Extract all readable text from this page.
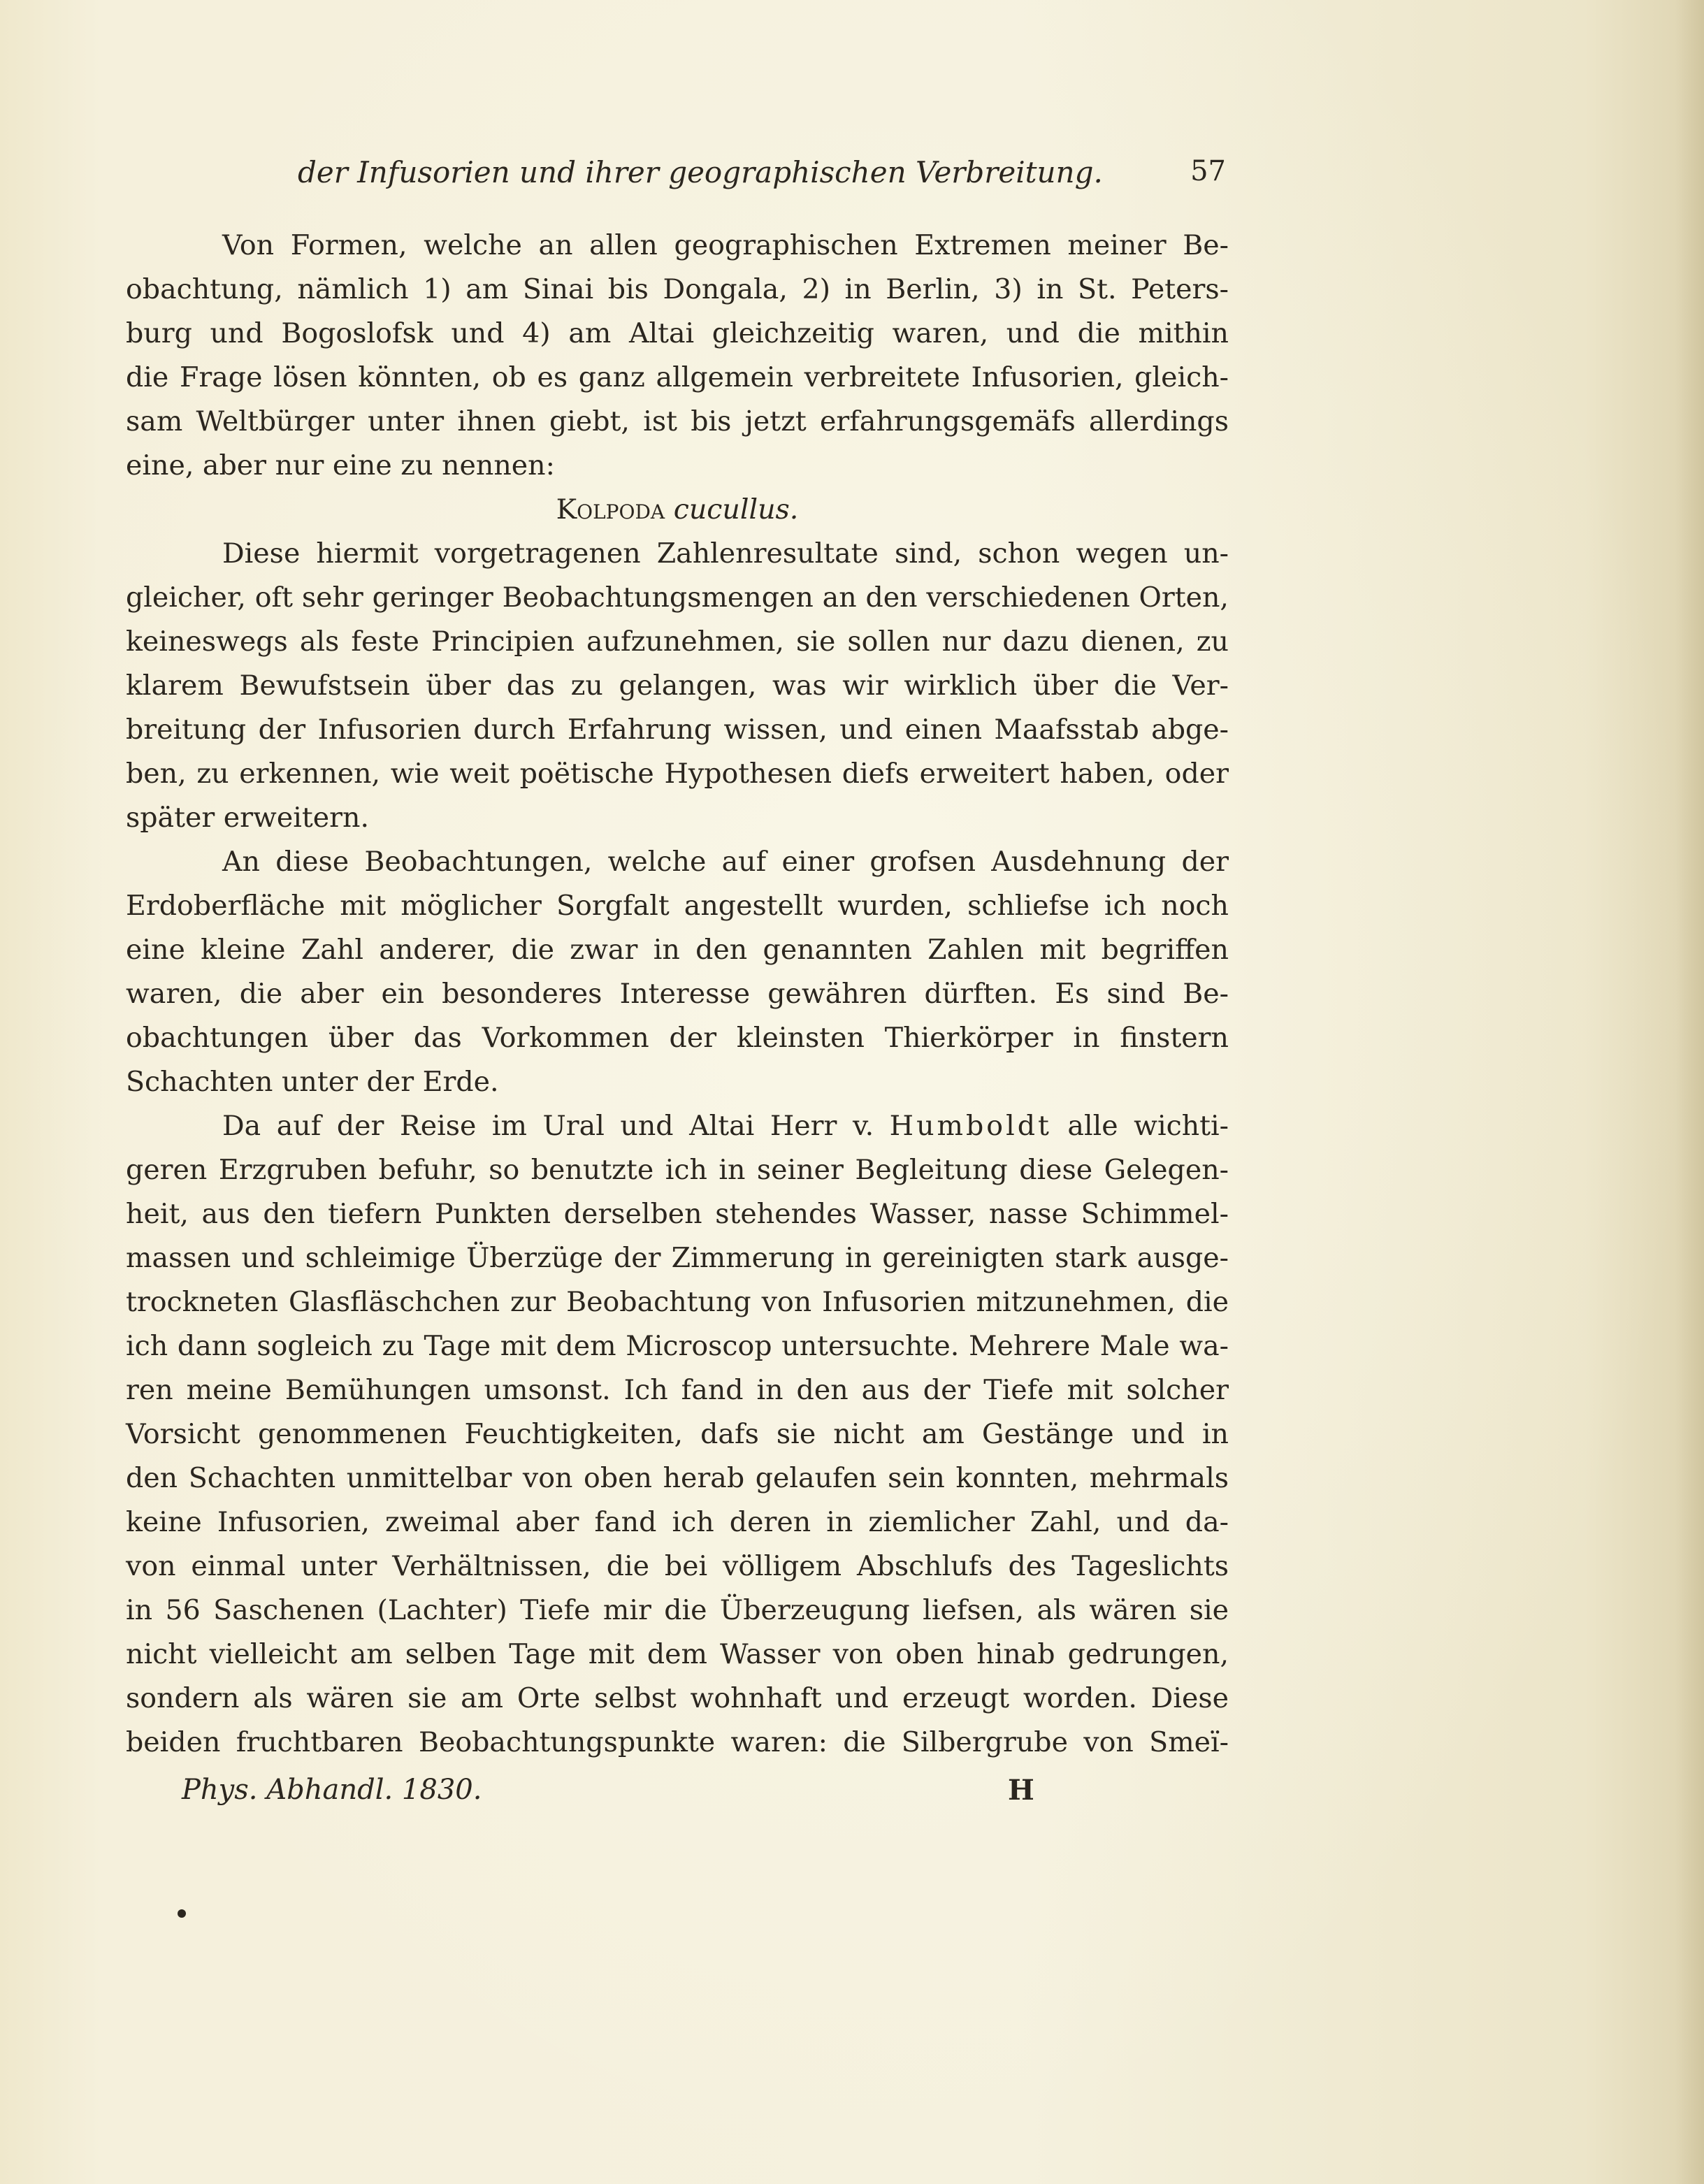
der Infusorien und ihrer geographischen Verbreitung.	57
Von Formen, welche an allen geographischen Extremen meiner Be-
obachtung, nämlich 1) am Sinai bis Dongala, 2) in Berlin, 3) in St. Peters-
burg und Bogoslofsk und 4) am Altai gleichzeitig waren, und die mithin
die Frage lösen könnten, ob es ganz allgemein verbreitete Infusorien, gleich-
sam Weltbürger unter ihnen giebt, ist bis jetzt erfahrungsgemäfs allerdings
eine, aber nur eine zu nennen:
Kolpoda cucullus.
Diese hiermit vorgetragenen Zahlenresultate sind, schon wegen un-
gleicher, oft sehr geringer Beobachtungsmengen an den verschiedenen Orten,
keineswegs als feste Principien aufzunehmen, sie sollen nur dazu dienen, zu
klarem Bewufstsein über das zu gelangen, was wir wirklich über die Ver-
breitung der Infusorien durch Erfahrung wissen, und einen Maafsstab abge-
ben, zu erkennen, wie weit poëtische Hypothesen diefs erweitert haben, oder
später erweitern.
An diese Beobachtungen, welche auf einer grofsen Ausdehnung der
Erdoberfläche mit möglicher Sorgfalt angestellt wurden, schliefse ich noch
eine kleine Zahl anderer, die zwar in den genannten Zahlen mit begriffen
waren, die aber ein besonderes Interesse gewähren dürften. Es sind Be-
obachtungen über das Vorkommen der kleinsten Thierkörper in finstern
Schachten unter der Erde.
Da auf der Reise im Ural und Altai Herr v. Humboldt alle wichti-
geren Erzgruben befuhr, so benutzte ich in seiner Begleitung diese Gelegen-
heit, aus den tiefern Punkten derselben stehendes Wasser, nasse Schimmel-
massen und schleimige Überzüge der Zimmerung in gereinigten stark ausge-
trockneten Glasfläschchen zur Beobachtung von Infusorien mitzunehmen, die
ich dann sogleich zu Tage mit dem Microscop untersuchte. Mehrere Male wa-
ren meine Bemühungen umsonst. Ich fand in den aus der Tiefe mit solcher
Vorsicht genommenen Feuchtigkeiten, dafs sie nicht am Gestänge und in
den Schachten unmittelbar von oben herab gelaufen sein konnten, mehrmals
keine Infusorien, zweimal aber fand ich deren in ziemlicher Zahl, und da-
von einmal unter Verhältnissen, die bei völligem Abschlufs des Tageslichts
in 56 Saschenen (Lachter) Tiefe mir die Überzeugung liefsen, als wären sie
nicht vielleicht am selben Tage mit dem Wasser von oben hinab gedrungen,
sondern als wären sie am Orte selbst wohnhaft und erzeugt worden. Diese
beiden fruchtbaren Beobachtungspunkte waren: die Silbergrube von Smeï-
Phys. Abhandl. 1830.	H
